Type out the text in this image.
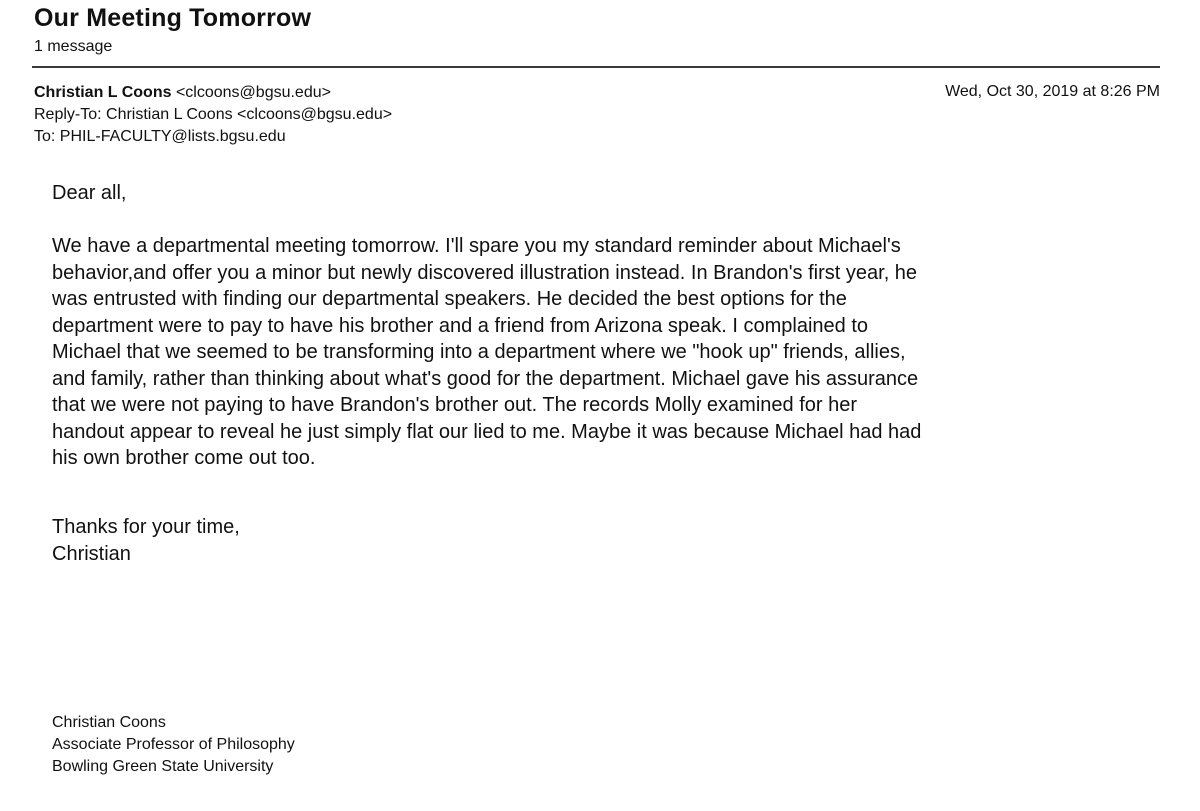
Our Meeting Tomorrow
1 message
Christian L Coons <clcoons@bgsu.edu>	Wed, Oct 30, 2019 at 8:26 PM
Reply-To: Christian L Coons <clcoons@bgsu.edu>
To: PHIL-FACULTY@lists.bgsu.edu
Dear all,
We have a departmental meeting tomorrow. I'll spare you my standard reminder about Michael's
behavior,and offer you a minor but newly discovered illustration instead. In Brandon's first year, he
was entrusted with finding our departmental speakers. He decided the best options for the
department were to pay to have his brother and a friend from Arizona speak. I complained to
Michael that we seemed to be transforming into a department where we "hook up" friends, allies,
and family, rather than thinking about what's good for the department. Michael gave his assurance
that we were not paying to have Brandon's brother out. The records Molly examined for her
handout appear to reveal he just simply flat our lied to me. Maybe it was because Michael had had
his own brother come out too.
Thanks for your time,
Christian
Christian Coons
Associate Professor of Philosophy
Bowling Green State University
